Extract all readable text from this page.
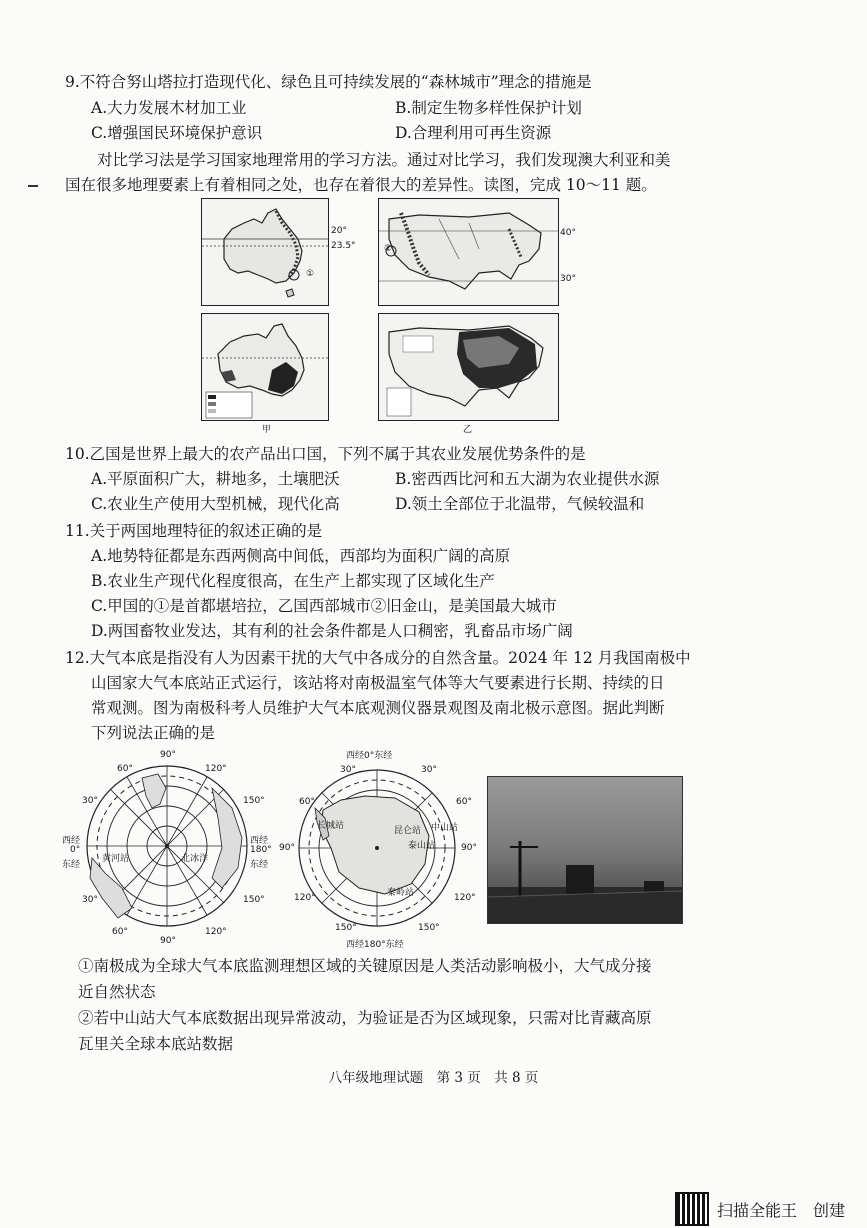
9.不符合努山塔拉打造现代化、绿色且可持续发展的“森林城市”理念的措施是
A.大力发展木材加工业	B.制定生物多样性保护计划
C.增强国民环境保护意识	D.合理利用可再生资源
对比学习法是学习国家地理常用的学习方法。通过对比学习，我们发现澳大利亚和美
国在很多地理要素上有着相同之处，也存在着很大的差异性。读图，完成 10～11 题。
20°
23.5°
①
②
40°
30°
甲	乙
10.乙国是世界上最大的农产品出口国，下列不属于其农业发展优势条件的是
A.平原面积广大，耕地多，土壤肥沃	B.密西西比河和五大湖为农业提供水源
C.农业生产使用大型机械，现代化高	D.领土全部位于北温带，气候较温和
11.关于两国地理特征的叙述正确的是
A.地势特征都是东西两侧高中间低，西部均为面积广阔的高原
B.农业生产现代化程度很高，在生产上都实现了区域化生产
C.甲国的①是首都堪培拉，乙国西部城市②旧金山，是美国最大城市
D.两国畜牧业发达，其有利的社会条件都是人口稠密，乳畜品市场广阔
12.大气本底是指没有人为因素干扰的大气中各成分的自然含量。2024 年 12 月我国南极中
山国家大气本底站正式运行，该站将对南极温室气体等大气要素进行长期、持续的日
常观测。图为南极科考人员维护大气本底观测仪器景观图及南北极示意图。据此判断
下列说法正确的是
90°
60°	120°
30°	150°
西经
0°
东经
西经
180°
东经
黄河站	北冰洋
30°	150°
60°
90°
120°
西经0°东经
30°	30°
60°	60°
长城站	昆仑站 中山站
泰山站
90°	90°
秦岭站
120°	120°
150°	150°
西经180°东经
①南极成为全球大气本底监测理想区域的关键原因是人类活动影响极小，大气成分接
近自然状态
②若中山站大气本底数据出现异常波动，为验证是否为区域现象，只需对比青藏高原
瓦里关全球本底站数据
八年级地理试题　第 3 页　共 8 页
扫描全能王　创建
